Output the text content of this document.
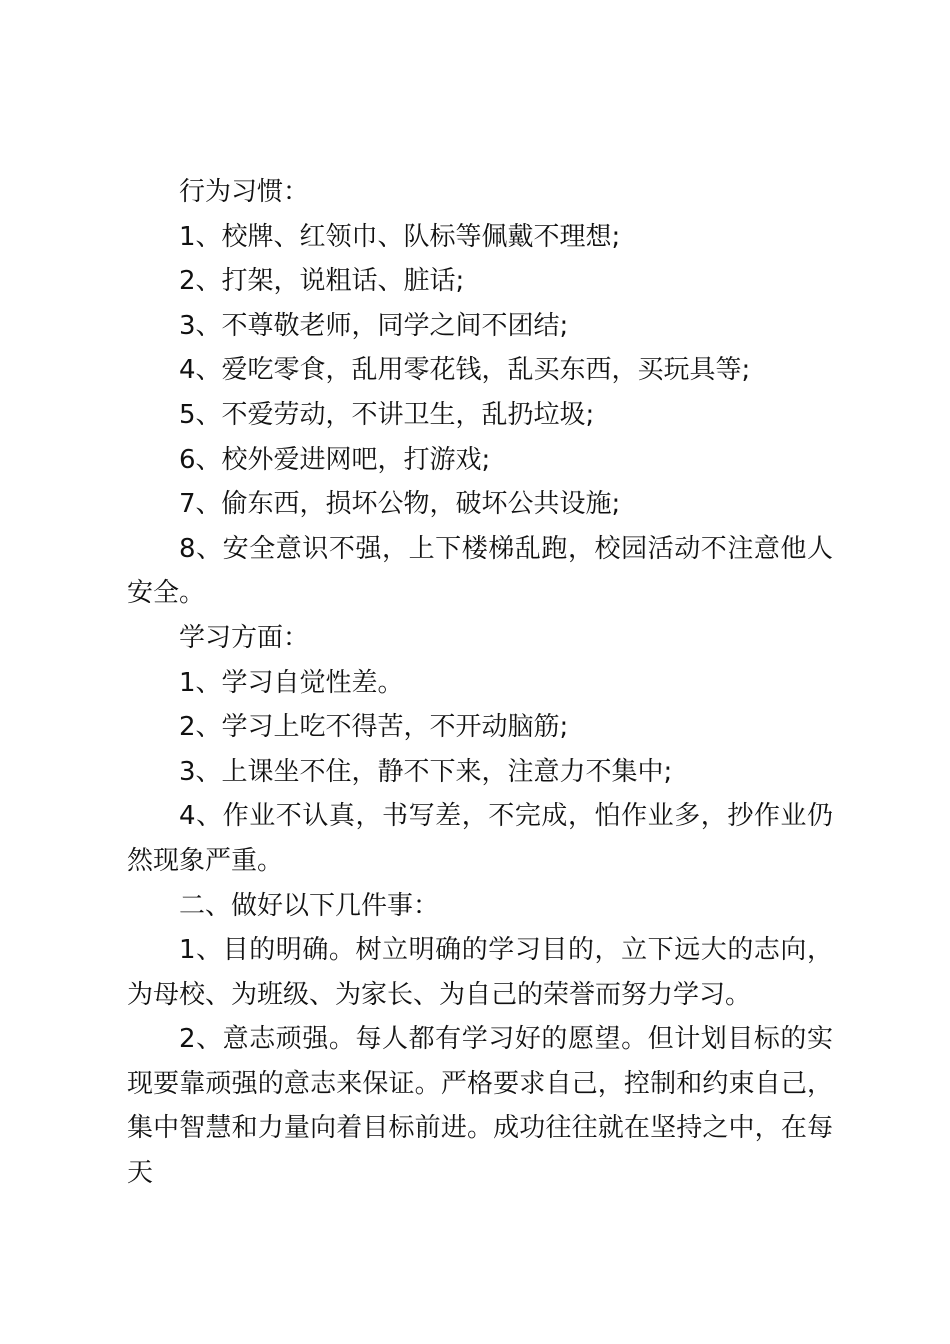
行为习惯：

1、校牌、红领巾、队标等佩戴不理想;

2、打架，说粗话、脏话;

3、不尊敬老师，同学之间不团结;

4、爱吃零食，乱用零花钱，乱买东西，买玩具等;

5、不爱劳动，不讲卫生，乱扔垃圾;

6、校外爱进网吧，打游戏;

7、偷东西，损坏公物，破坏公共设施;

8、安全意识不强，上下楼梯乱跑，校园活动不注意他人安全。

学习方面：

1、学习自觉性差。

2、学习上吃不得苦，不开动脑筋;

3、上课坐不住，静不下来，注意力不集中;

4、作业不认真，书写差，不完成，怕作业多，抄作业仍然现象严重。

二、做好以下几件事：

1、目的明确。树立明确的学习目的，立下远大的志向，为母校、为班级、为家长、为自己的荣誉而努力学习。

2、意志顽强。每人都有学习好的愿望。但计划目标的实现要靠顽强的意志来保证。严格要求自己，控制和约束自己，集中智慧和力量向着目标前进。成功往往就在坚持之中，在每天
